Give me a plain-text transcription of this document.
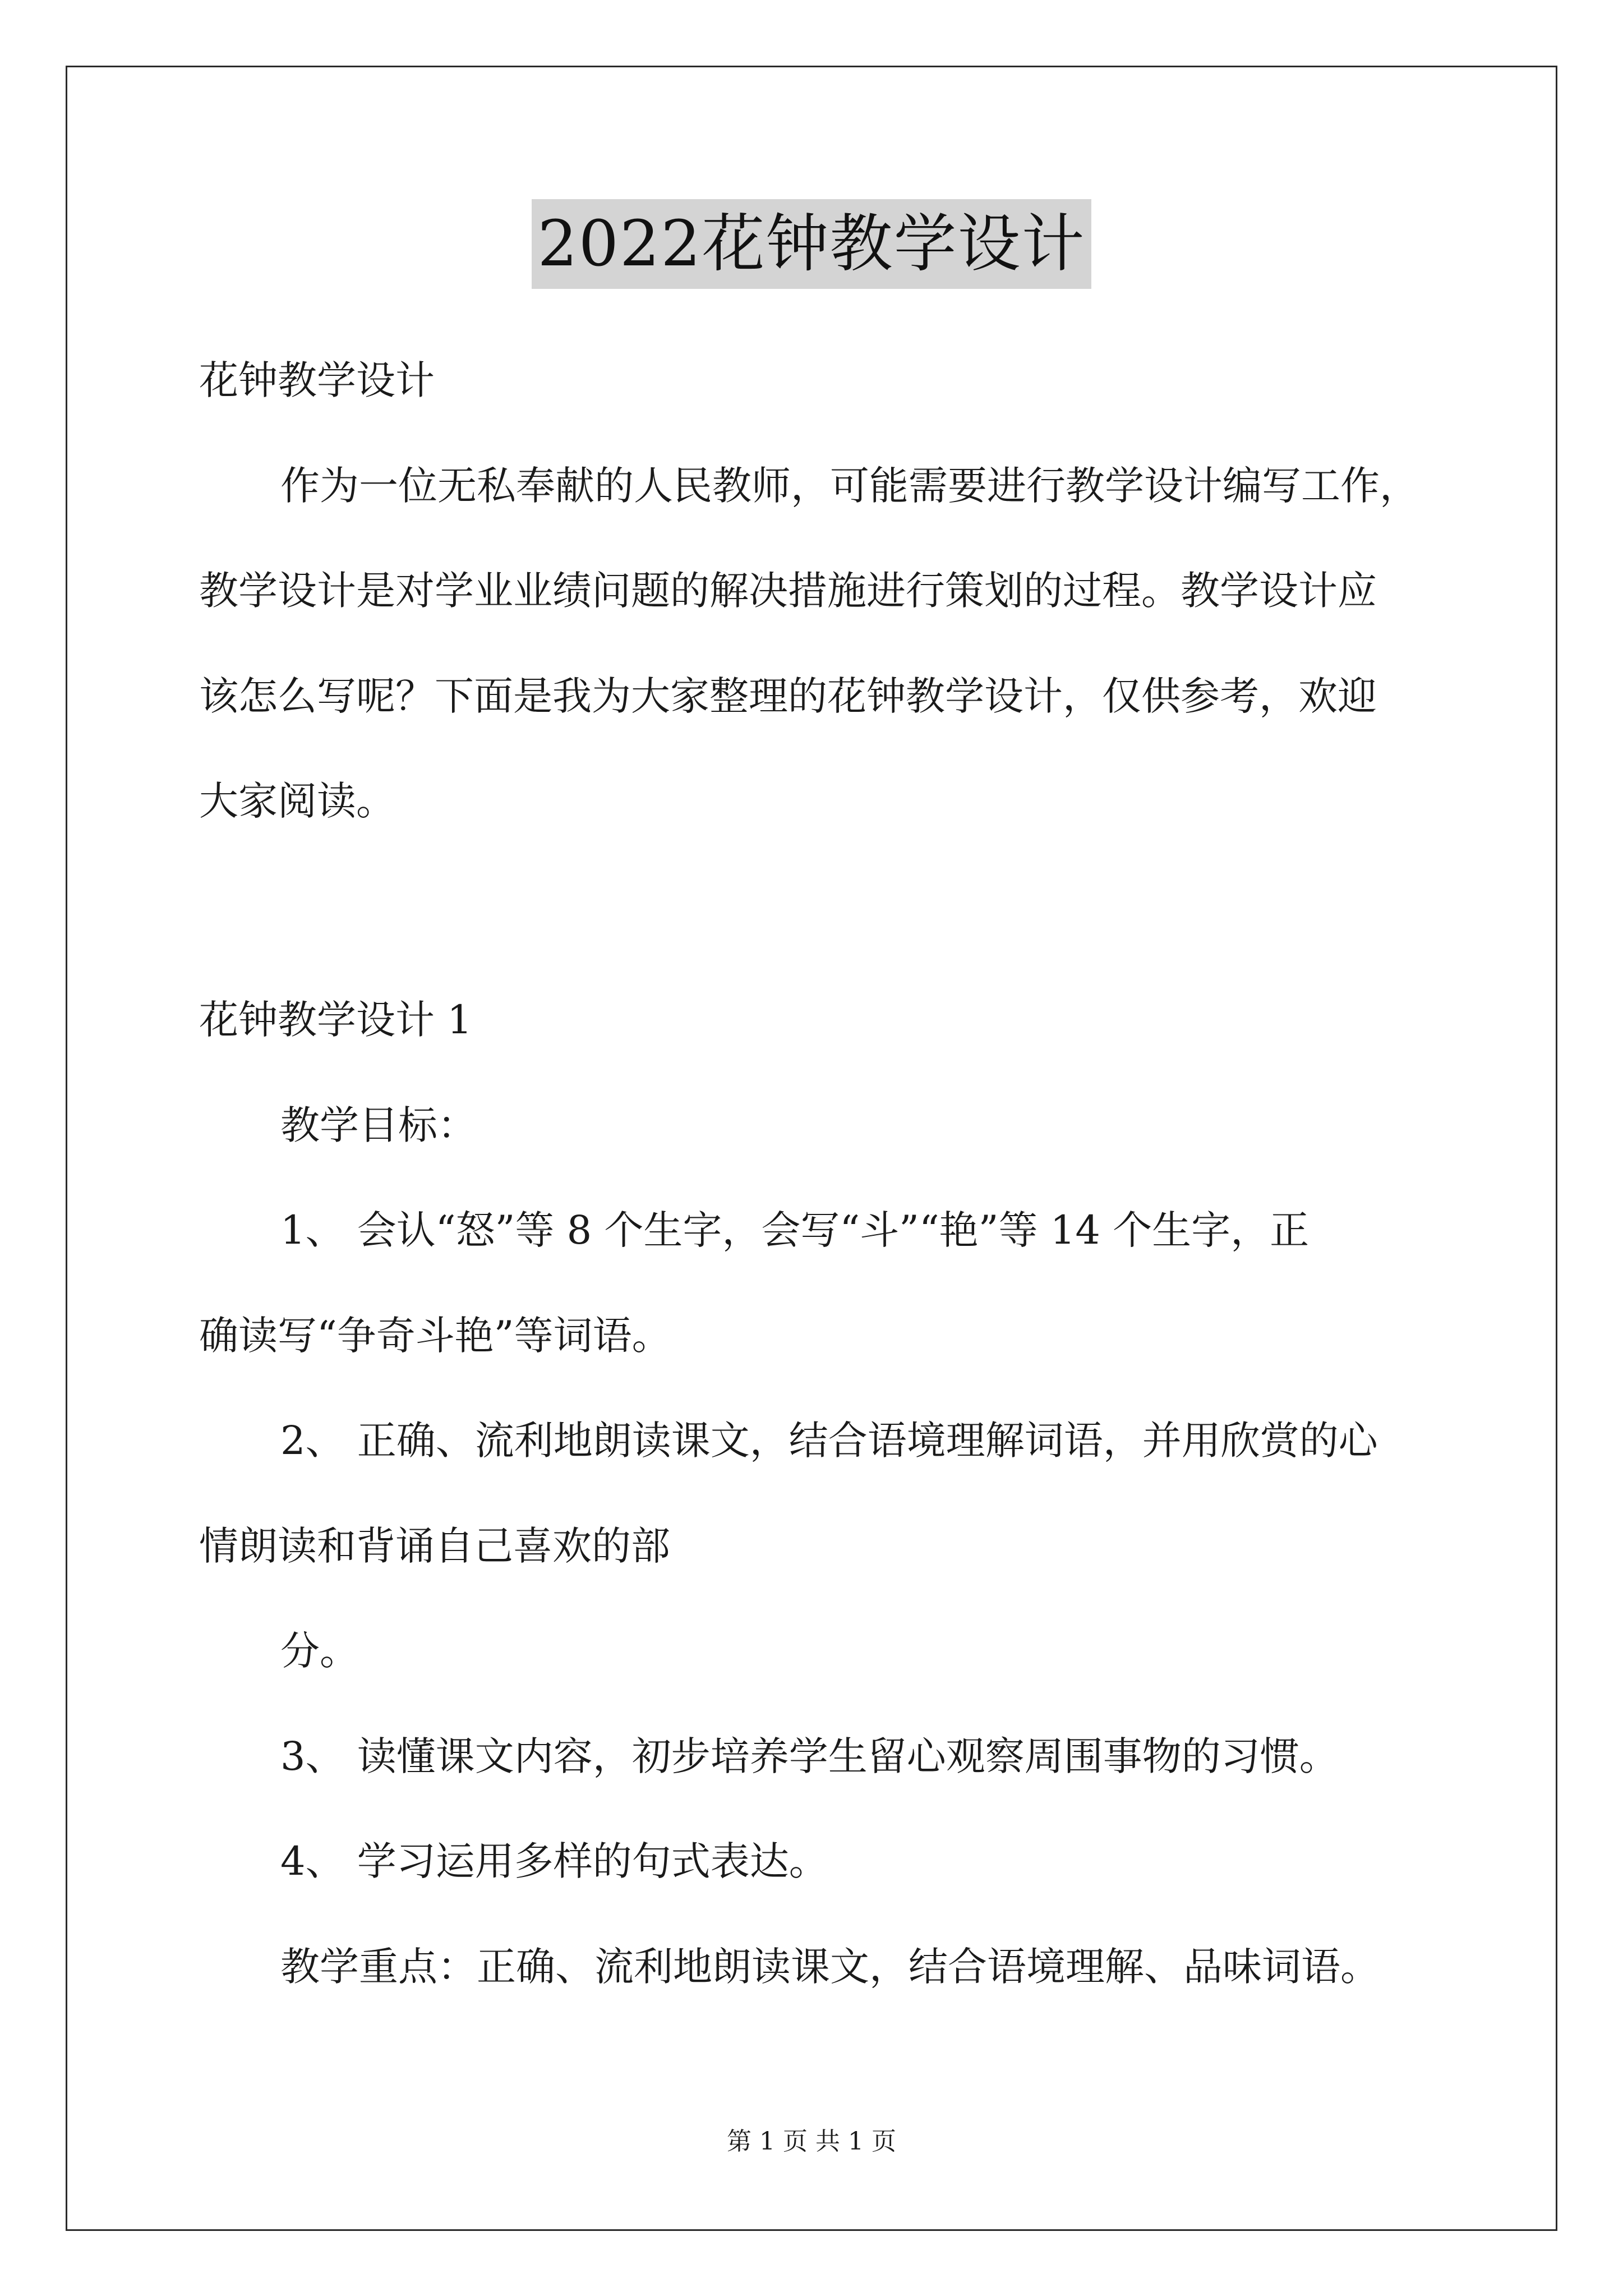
2022花钟教学设计
花钟教学设计
作为一位无私奉献的人民教师，可能需要进行教学设计编写工作，
教学设计是对学业业绩问题的解决措施进行策划的过程。教学设计应
该怎么写呢？下面是我为大家整理的花钟教学设计，仅供参考，欢迎
大家阅读。
花钟教学设计 1
教学目标：
1、 会认“怒”等 8 个生字，会写“斗”“艳”等 14 个生字，正
确读写“争奇斗艳”等词语。
2、 正确、流利地朗读课文，结合语境理解词语，并用欣赏的心
情朗读和背诵自己喜欢的部
分。
3、 读懂课文内容，初步培养学生留心观察周围事物的习惯。
4、 学习运用多样的句式表达。
教学重点：正确、流利地朗读课文，结合语境理解、品味词语。
第 1 页 共 1 页
